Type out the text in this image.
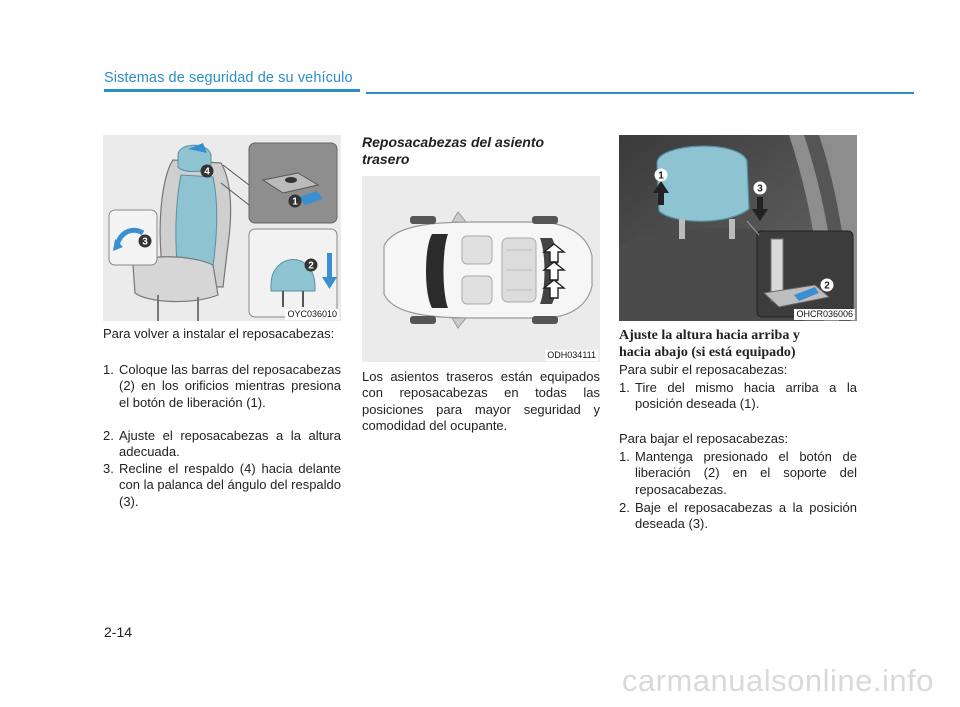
Sistemas de seguridad de su vehículo
4
1
3
2
OYC036010
Para volver a instalar el reposacabezas:
1. Coloque las barras del reposacabezas (2) en los orificios mientras presiona el botón de liberación (1).
2. Ajuste el reposacabezas a la altura adecuada.
3. Recline el respaldo (4) hacia delante con la palanca del ángulo del respaldo (3).
Reposacabezas del asiento
trasero
ODH034111
Los asientos traseros están equipados con reposacabezas en todas las posiciones para mayor seguridad y comodidad del ocupante.
1
3
2
OHCR036006
Ajuste la altura hacia arriba y
hacia abajo (si está equipado)
Para subir el reposacabezas:
1. Tire del mismo hacia arriba a la posición deseada (1).
Para bajar el reposacabezas:
1. Mantenga presionado el botón de liberación (2) en el soporte del reposacabezas.
2. Baje el reposacabezas a la posición deseada (3).
2-14
carmanualsonline.info
